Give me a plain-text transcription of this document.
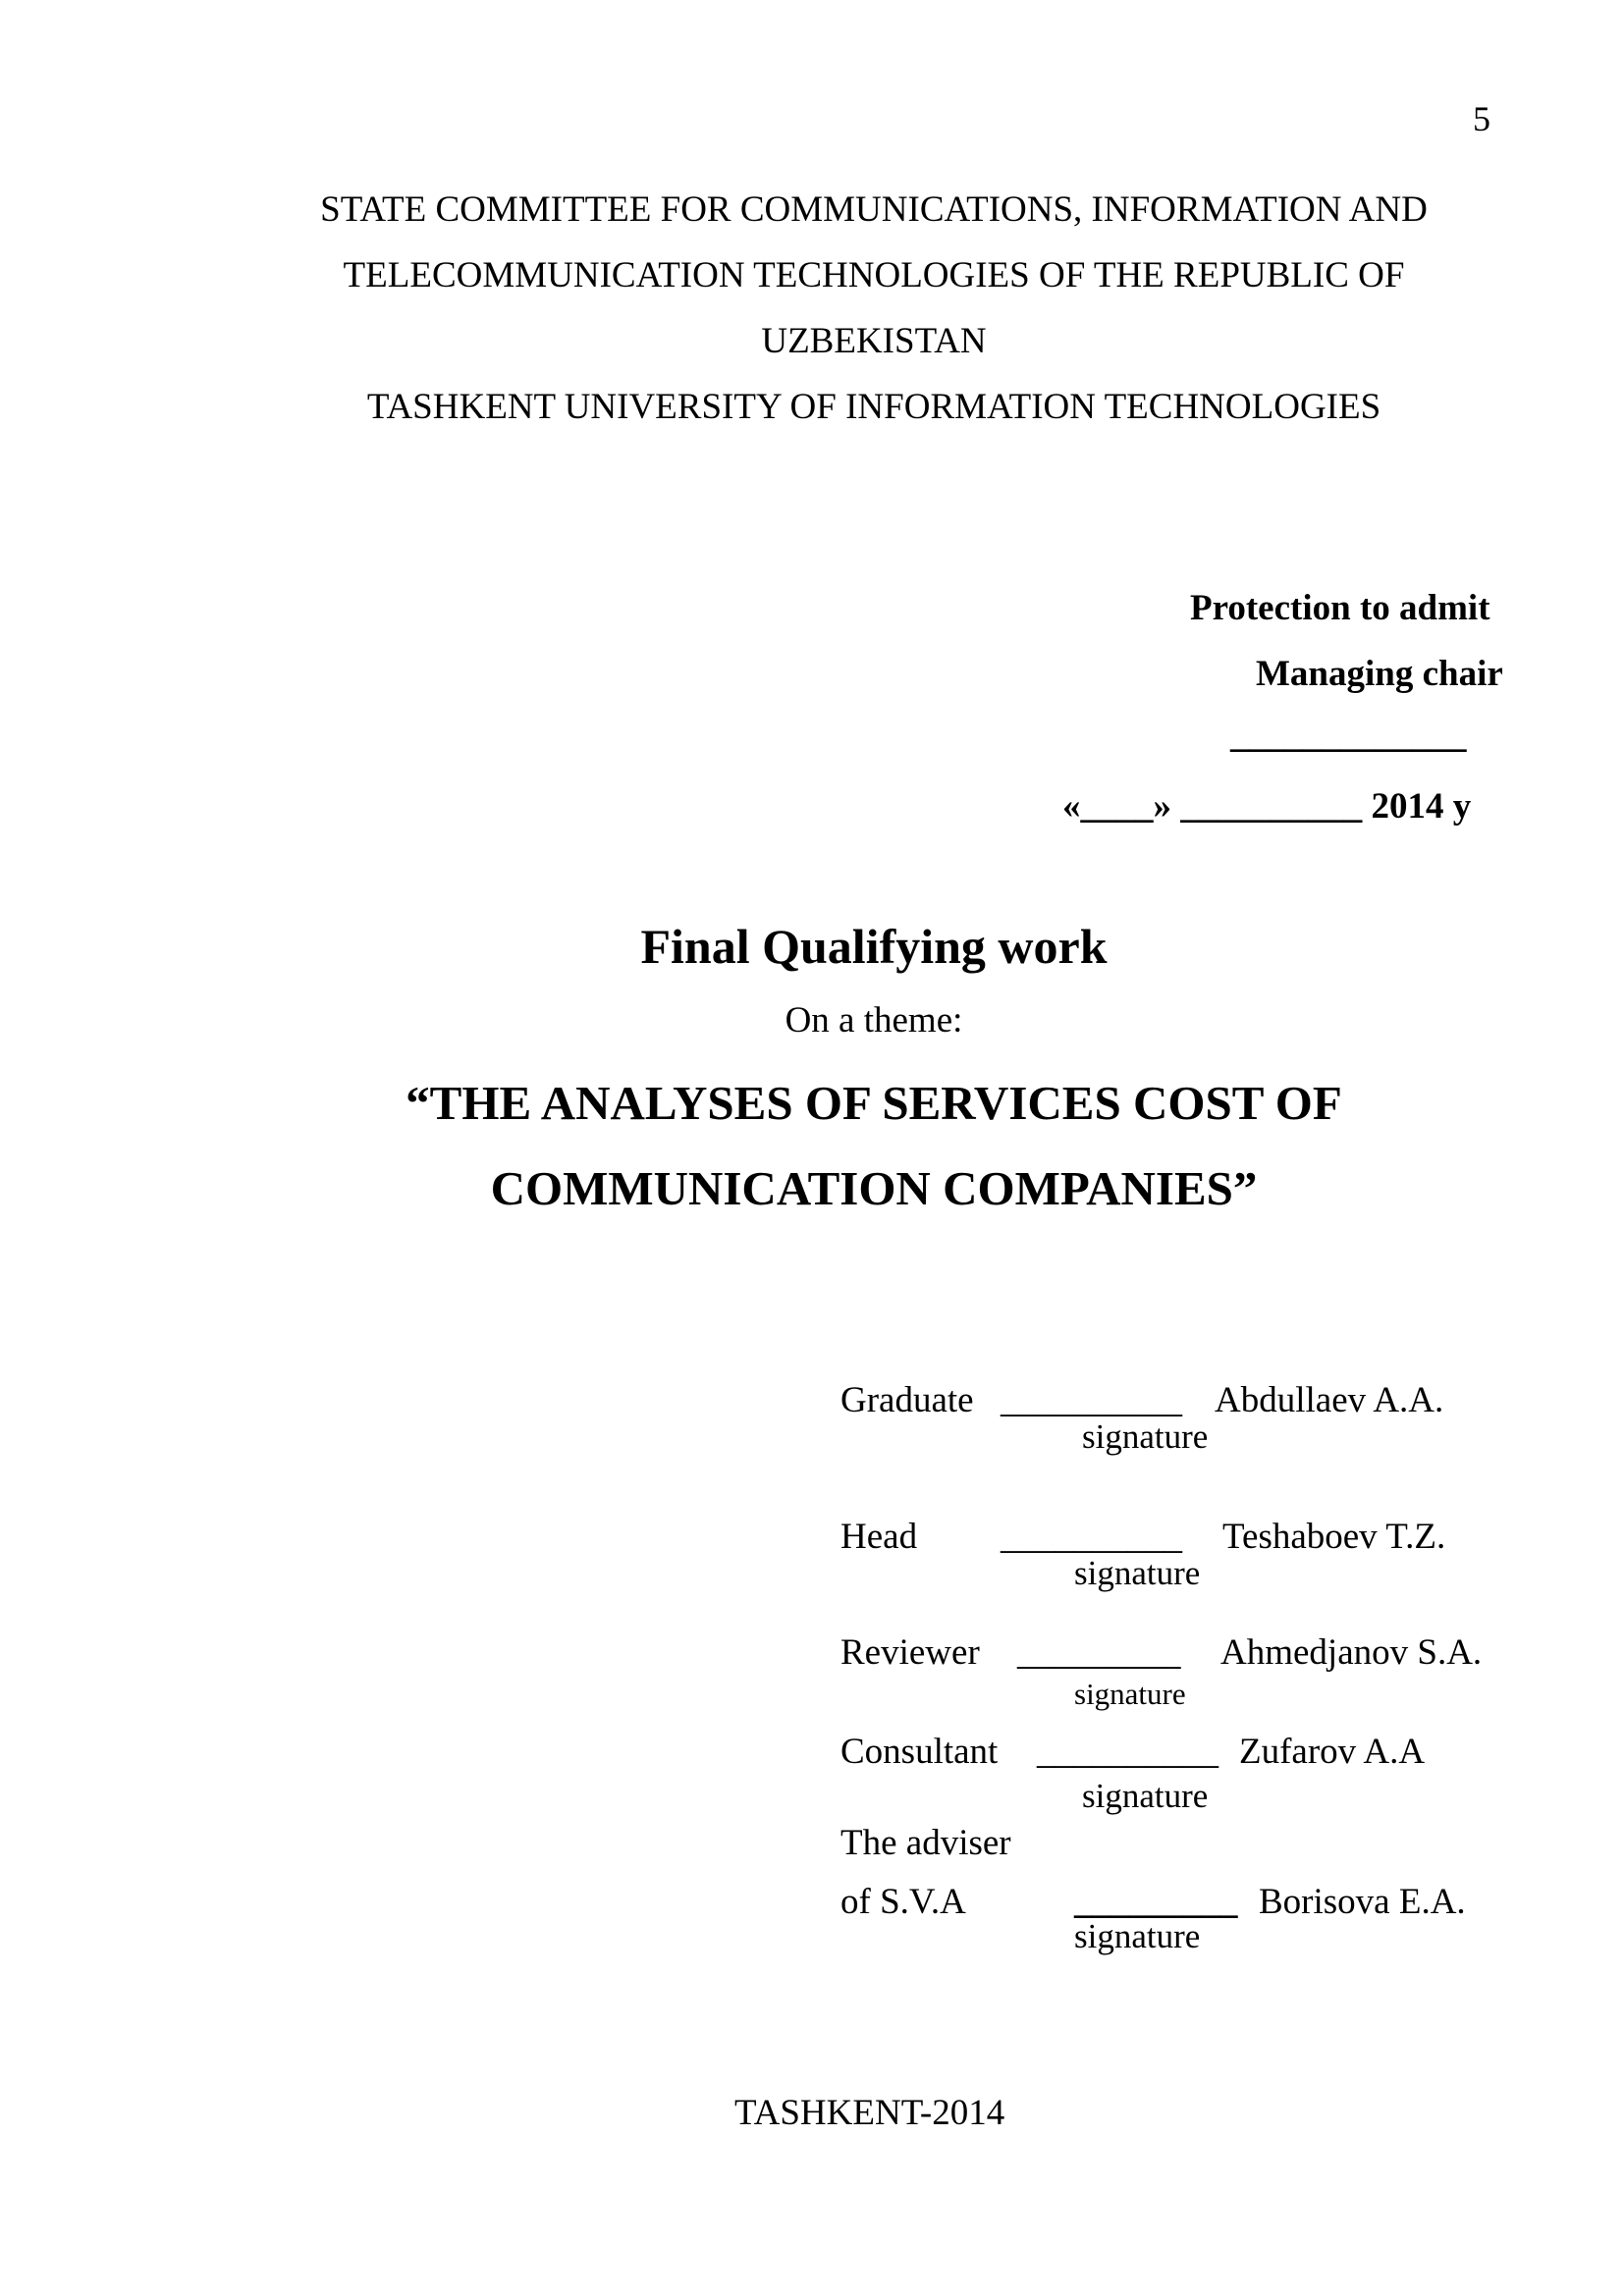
5
STATE COMMITTEE FOR COMMUNICATIONS, INFORMATION AND
TELECOMMUNICATION TECHNOLOGIES OF THE REPUBLIC OF
UZBEKISTAN
TASHKENT UNIVERSITY OF INFORMATION TECHNOLOGIES
Protection to admit
Managing chair
_____________
«____» __________ 2014 y
Final Qualifying work
On a theme:
“THE ANALYSES OF SERVICES COST OF
COMMUNICATION COMPANIES”
Graduate __________ Abdullaev A.A.
signature
Head __________ Teshaboev T.Z.
signature
Reviewer _________ Ahmedjanov S.A.
signature
Consultant __________ Zufarov A.A
signature
The adviser
of S.V.A	_________ Borisova E.A.
signature
TASHKENT-2014
